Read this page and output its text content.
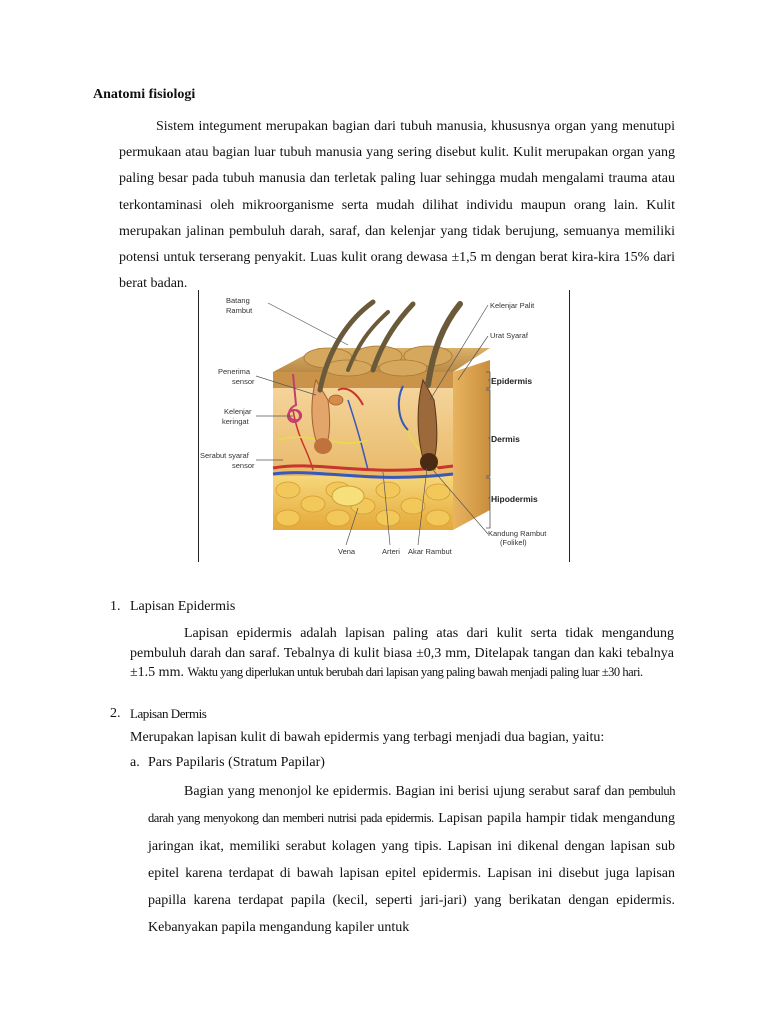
Anatomi fisiologi

Sistem integument merupakan bagian dari tubuh manusia, khususnya organ yang menutupi permukaan atau bagian luar tubuh manusia yang sering disebut kulit. Kulit merupakan organ yang paling besar pada tubuh manusia dan terletak paling luar sehingga mudah mengalami trauma atau terkontaminasi oleh mikroorganisme serta mudah dilihat individu maupun orang lain. Kulit merupakan jalinan pembuluh darah, saraf, dan kelenjar yang tidak berujung, semuanya memiliki potensi untuk terserang penyakit. Luas kulit orang dewasa ±1,5 m dengan berat kira-kira 15% dari berat badan.

Batang
Rambut
Penerima
sensor
Kelenjar
keringat
Serabut syaraf
sensor
Kelenjar Palit
Urat Syaraf
Epidermis
Dermis
Hipodermis
Kandung Rambut
(Folikel)
Vena	Arteri Akar Rambut
1. Lapisan Epidermis

Lapisan epidermis adalah lapisan paling atas dari kulit serta tidak mengandung pembuluh darah dan saraf. Tebalnya di kulit biasa ±0,3 mm, Ditelapak tangan dan kaki tebalnya ±1.5 mm. Waktu yang diperlukan untuk berubah dari lapisan yang paling bawah menjadi paling luar ±30 hari.

2. Lapisan Dermis

Merupakan lapisan kulit di bawah epidermis yang terbagi menjadi dua bagian, yaitu:

a. Pars Papilaris (Stratum Papilar)

Bagian yang menonjol ke epidermis. Bagian ini berisi ujung serabut saraf dan pembuluh darah yang menyokong dan memberi nutrisi pada epidermis. Lapisan papila hampir tidak mengandung jaringan ikat, memiliki serabut kolagen yang tipis. Lapisan ini dikenal dengan lapisan sub epitel karena terdapat di bawah lapisan epitel epidermis. Lapisan ini disebut juga lapisan papilla karena terdapat papila (kecil, seperti jari-jari) yang berikatan dengan epidermis. Kebanyakan papila mengandung kapiler untuk
